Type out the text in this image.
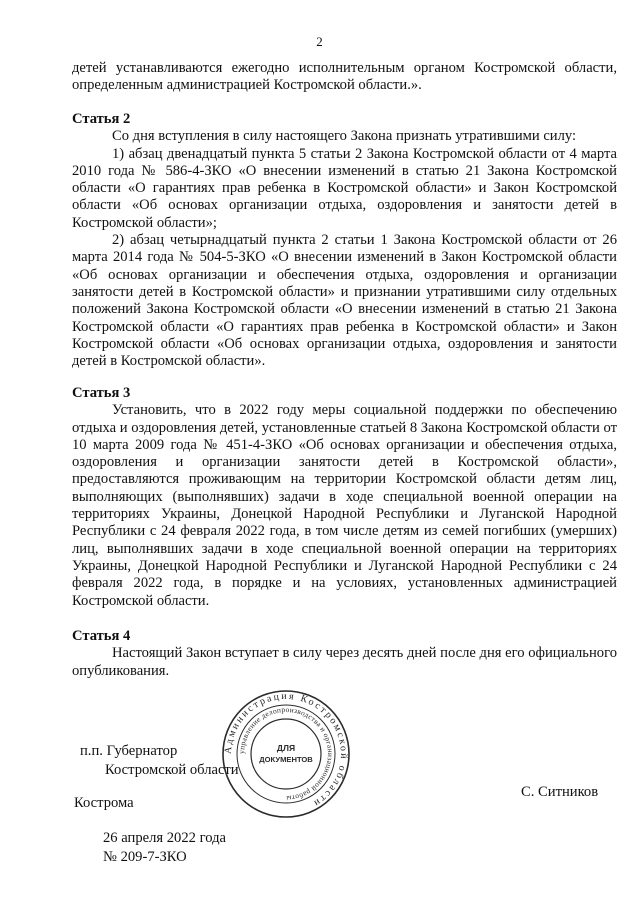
2

детей устанавливаются ежегодно исполнительным органом Костромской области, определенным администрацией Костромской области.».

Статья 2

Со дня вступления в силу настоящего Закона признать утратившими силу:

1) абзац двенадцатый пункта 5 статьи 2 Закона Костромской области от 4 марта 2010 года № 586-4-ЗКО «О внесении изменений в статью 21 Закона Костромской области «О гарантиях прав ребенка в Костромской области» и Закон Костромской области «Об основах организации отдыха, оздоровления и занятости детей в Костромской области»;

2) абзац четырнадцатый пункта 2 статьи 1 Закона Костромской области от 26 марта 2014 года № 504-5-ЗКО «О внесении изменений в Закон Костромской области «Об основах организации и обеспечения отдыха, оздоровления и организации занятости детей в Костромской области» и признании утратившими силу отдельных положений Закона Костромской области «О внесении изменений в статью 21 Закона Костромской области «О гарантиях прав ребенка в Костромской области» и Закон Костромской области «Об основах организации отдыха, оздоровления и занятости детей в Костромской области».

Статья 3

Установить, что в 2022 году меры социальной поддержки по обеспечению отдыха и оздоровления детей, установленные статьей 8 Закона Костромской области от 10 марта 2009 года № 451-4-ЗКО «Об основах организации и обеспечения отдыха, оздоровления и организации занятости детей в Костромской области», предоставляются проживающим на территории Костромской области детям лиц, выполняющих (выполнявших) задачи в ходе специальной военной операции на территориях Украины, Донецкой Народной Республики и Луганской Народной Республики с 24 февраля 2022 года, в том числе детям из семей погибших (умерших) лиц, выполнявших задачи в ходе специальной военной операции на территориях Украины, Донецкой Народной Республики и Луганской Народной Республики с 24 февраля 2022 года, в порядке и на условиях, установленных администрацией Костромской области.

Статья 4

Настоящий Закон вступает в силу через десять дней после дня его официального опубликования.

п.п. Губернатор
Костромской области
С. Ситников
Кострома
26 апреля 2022 года
№ 209-7-ЗКО
Администрация Костромской области
управление делопроизводства и организационной работы
ДЛЯ
ДОКУМЕНТОВ
